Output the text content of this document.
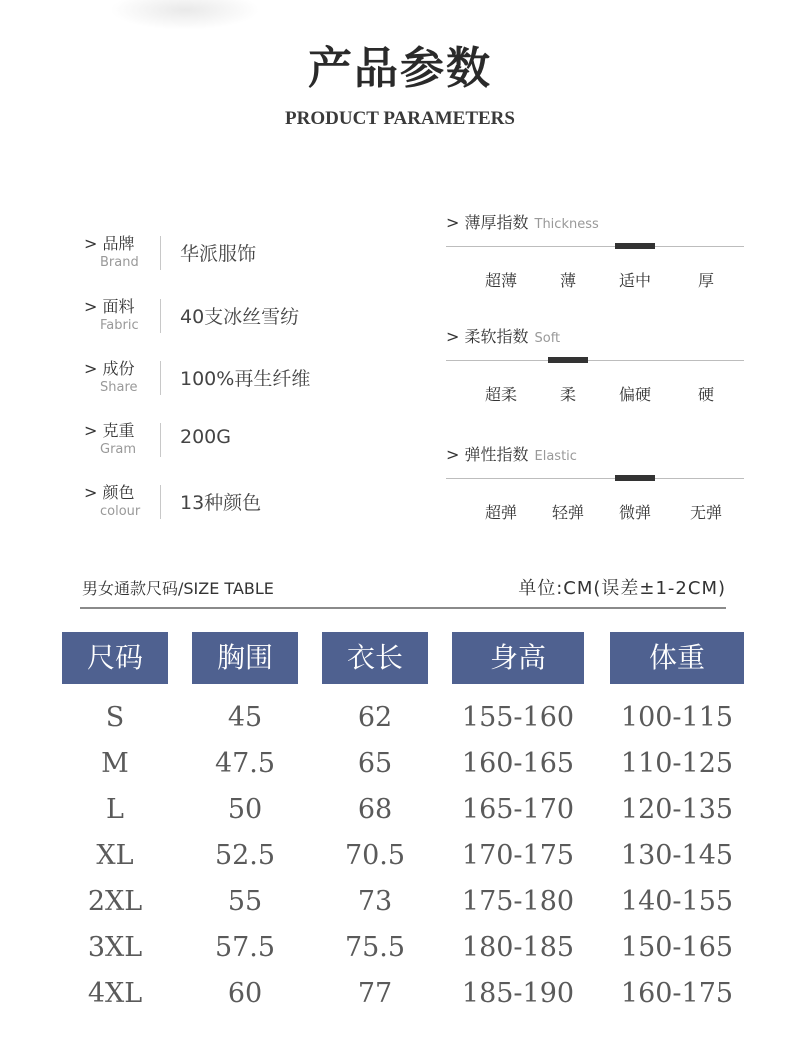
产品参数
PRODUCT PARAMETERS
> 品牌
Brand	华派服饰
> 面料
Fabric	40支冰丝雪纺
> 成份
Share	100%再生纤维
> 克重
Gram
200G
> 颜色
colour	13种颜色
> 薄厚指数 Thickness
超薄	薄	适中	厚
> 柔软指数 Soft
超柔	柔	偏硬	硬
> 弹性指数 Elastic
超弹	轻弹	微弹	无弹
男女通款尺码/SIZE TABLE	单位:CM(误差±1-2CM)
尺码	胸围	衣长	身高	体重
S	45	62	155-160	100-115
M	47.5	65	160-165	110-125
L	50	68	165-170	120-135
XL	52.5	70.5	170-175	130-145
2XL	55	73	175-180	140-155
3XL	57.5	75.5	180-185	150-165
4XL	60	77	185-190	160-175
